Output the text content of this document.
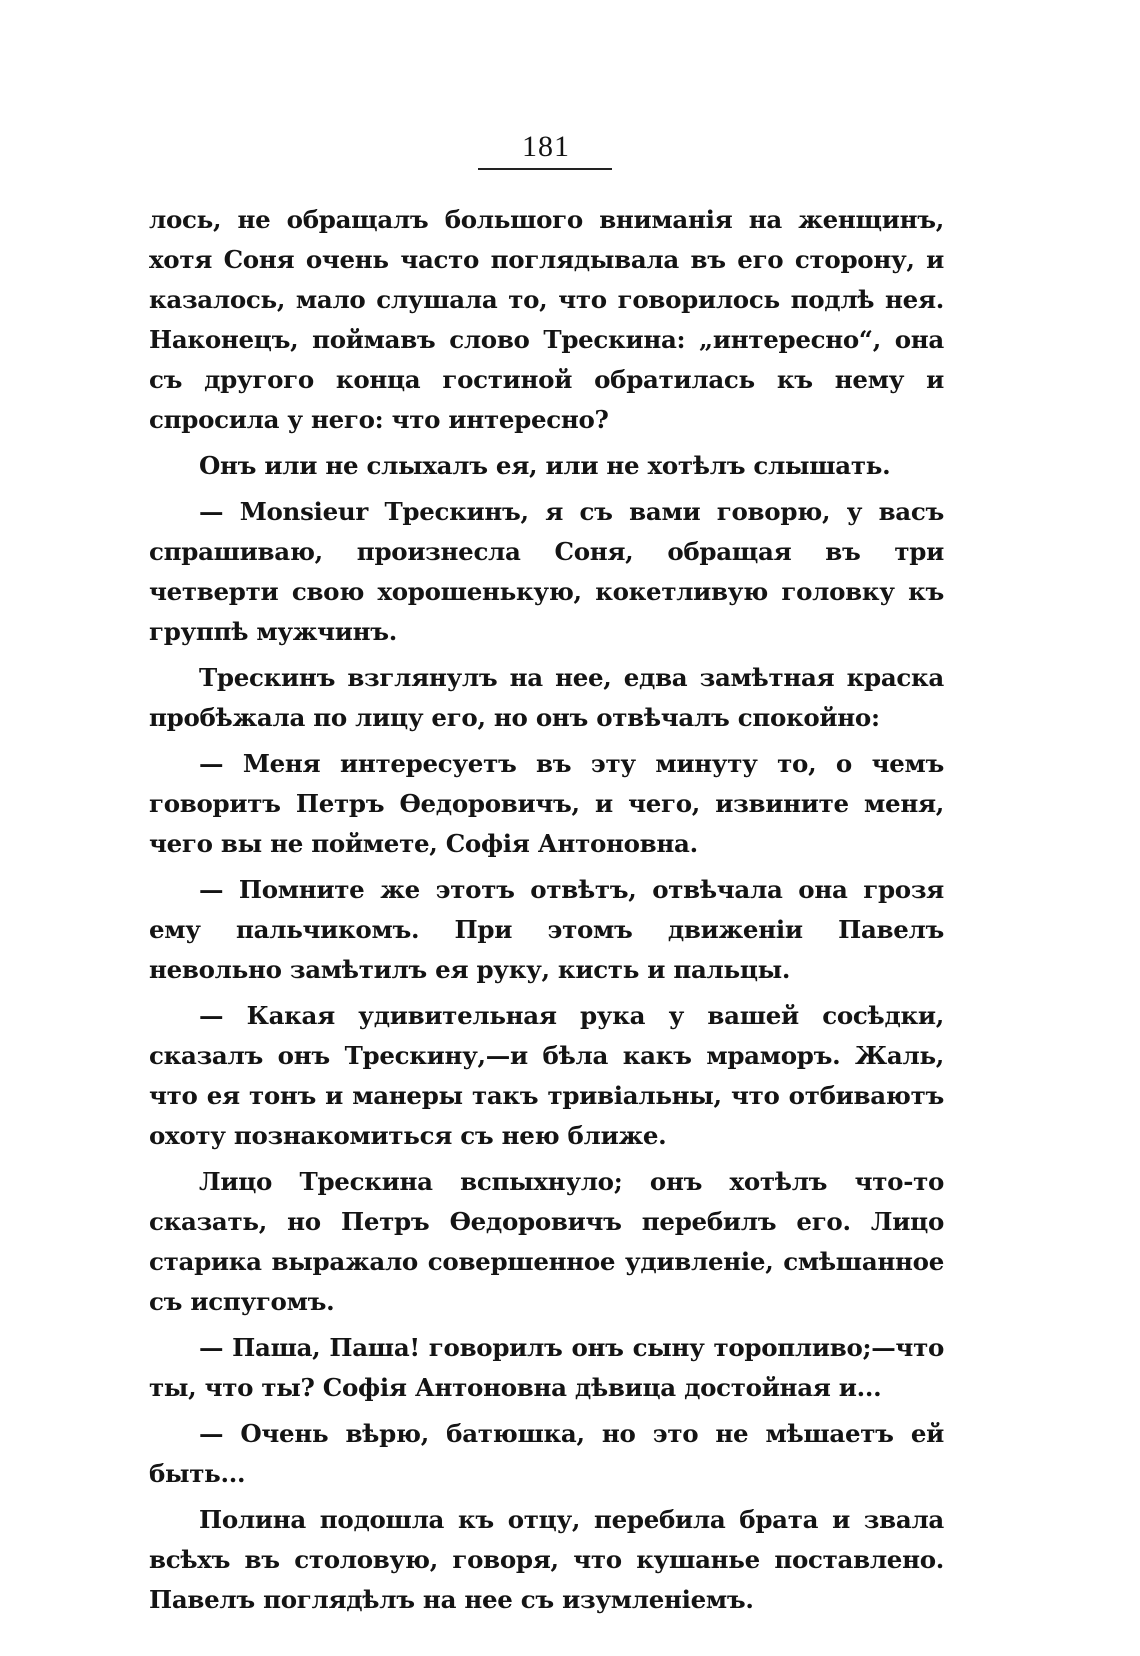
181

лось, не обращалъ большого вниманія на женщинъ, хотя Соня очень часто поглядывала въ его сторону, и казалось, мало слушала то, что говорилось подлѣ нея. Наконецъ, поймавъ слово Трескина: „интересно“, она съ другого конца гостиной обратилась къ нему и спросила у него: что интересно?

Онъ или не слыхалъ ея, или не хотѣлъ слышать.

— Monsieur Трескинъ, я съ вами говорю, у васъ спрашиваю, произнесла Соня, обращая въ три четверти свою хорошенькую, кокетливую головку къ группѣ мужчинъ.

Трескинъ взглянулъ на нее, едва замѣтная краска пробѣжала по лицу его, но онъ отвѣчалъ спокойно:

— Меня интересуетъ въ эту минуту то, о чемъ говоритъ Петръ Ѳедоровичъ, и чего, извините меня, чего вы не поймете, Софія Антоновна.

— Помните же этотъ отвѣтъ, отвѣчала она грозя ему пальчикомъ. При этомъ движеніи Павелъ невольно замѣтилъ ея руку, кисть и пальцы.

— Какая удивительная рука у вашей сосѣдки, сказалъ онъ Трескину,—и бѣла какъ мраморъ. Жаль, что ея тонъ и манеры такъ тривіальны, что отбиваютъ охоту познакомиться съ нею ближе.

Лицо Трескина вспыхнуло; онъ хотѣлъ что-то сказать, но Петръ Ѳедоровичъ перебилъ его. Лицо старика выражало совершенное удивленіе, смѣшанное съ испугомъ.

— Паша, Паша! говорилъ онъ сыну торопливо;—что ты, что ты? Софія Антоновна дѣвица достойная и...

— Очень вѣрю, батюшка, но это не мѣшаетъ ей быть...

Полина подошла къ отцу, перебила брата и звала всѣхъ въ столовую, говоря, что кушанье поставлено. Павелъ поглядѣлъ на нее съ изумленіемъ.
